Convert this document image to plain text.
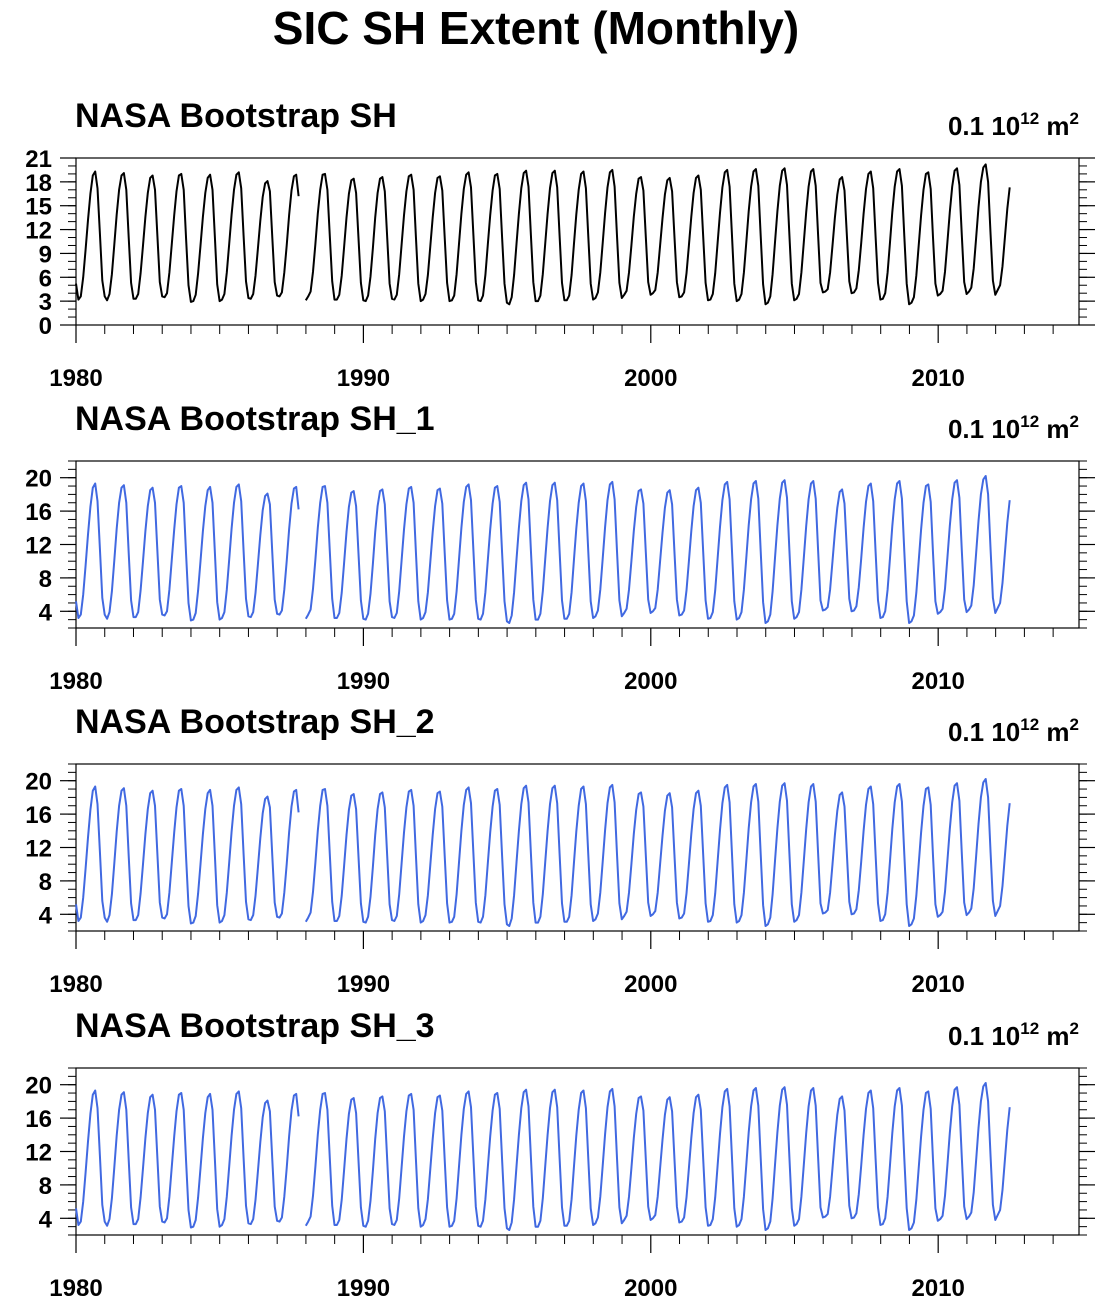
SIC SH Extent (Monthly)
NASA Bootstrap SH	0.1 $10^{12}$ $m^2$
0
3
6
9
12
15
18
21
1980	1990	2000	2010
NASA Bootstrap SH_1	0.1 $10^{12}$ $m^2$
4
8
12
16
20
1980	1990	2000	2010
NASA Bootstrap SH_2	0.1 $10^{12}$ $m^2$
4
8
12
16
20
1980	1990	2000	2010
NASA Bootstrap SH_3	0.1 $10^{12}$ $m^2$
4
8
12
16
20
1980	1990	2000	2010
